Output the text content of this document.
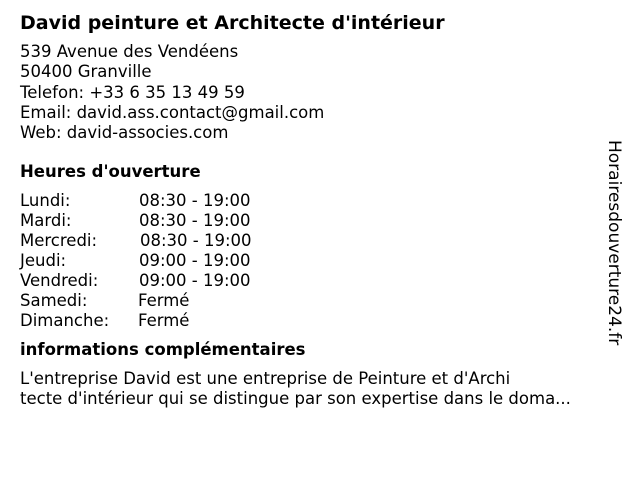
David peinture et Architecte d'intérieur
539 Avenue des Vendéens
50400 Granville
Telefon: +33 6 35 13 49 59
Email: david.ass.contact@gmail.com
Web: david-associes.com
Heures d'ouverture
Lundi:	08:30 - 19:00
Mardi:	08:30 - 19:00
Mercredi:	08:30 - 19:00
Jeudi:	09:00 - 19:00
Vendredi:	09:00 - 19:00
Samedi:	Fermé
Dimanche:	Fermé
informations complémentaires
L'entreprise David est une entreprise de Peinture et d'Archi
tecte d'intérieur qui se distingue par son expertise dans le doma...
Horairesdouverture24.fr
